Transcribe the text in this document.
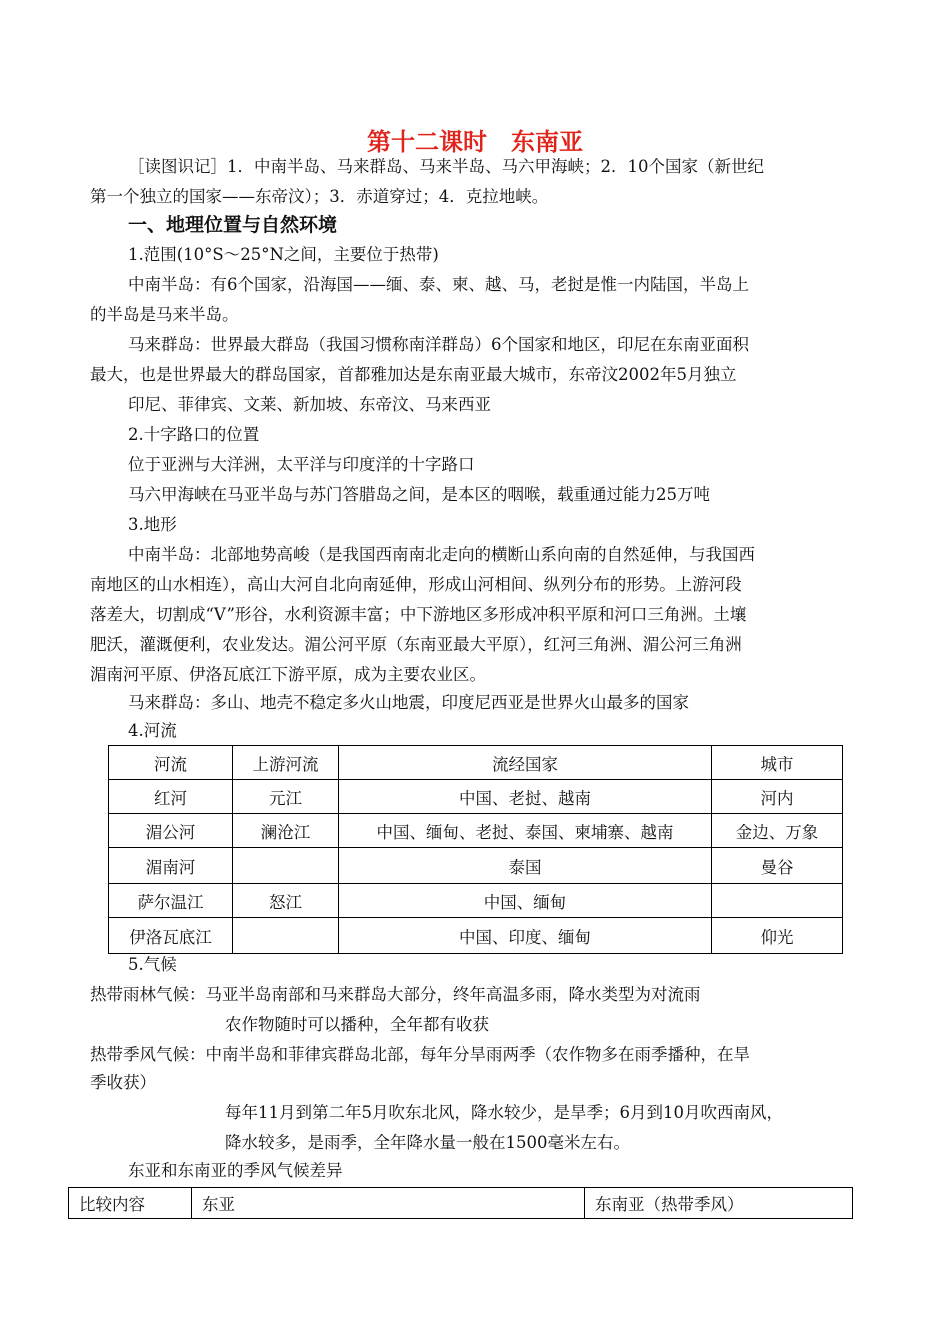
第十二课时　东南亚
［读图识记］1．中南半岛、马来群岛、马来半岛、马六甲海峡；2．10个国家（新世纪
第一个独立的国家——东帝汶）；3．赤道穿过；4．克拉地峡。
一、地理位置与自然环境
1.范围(10°S～25°N之间，主要位于热带)
中南半岛：有6个国家，沿海国——缅、泰、柬、越、马，老挝是惟一内陆国，半岛上
的半岛是马来半岛。
马来群岛：世界最大群岛（我国习惯称南洋群岛）6个国家和地区，印尼在东南亚面积
最大，也是世界最大的群岛国家，首都雅加达是东南亚最大城市，东帝汶2002年5月独立
印尼、菲律宾、文莱、新加坡、东帝汶、马来西亚
2.十字路口的位置
位于亚洲与大洋洲，太平洋与印度洋的十字路口
马六甲海峡在马亚半岛与苏门答腊岛之间，是本区的咽喉，载重通过能力25万吨
3.地形
中南半岛：北部地势高峻（是我国西南南北走向的横断山系向南的自然延伸，与我国西
南地区的山水相连），高山大河自北向南延伸，形成山河相间、纵列分布的形势。上游河段
落差大，切割成“V”形谷，水利资源丰富；中下游地区多形成冲积平原和河口三角洲。土壤
肥沃，灌溉便利，农业发达。湄公河平原（东南亚最大平原），红河三角洲、湄公河三角洲
湄南河平原、伊洛瓦底江下游平原，成为主要农业区。
马来群岛：多山、地壳不稳定多火山地震，印度尼西亚是世界火山最多的国家
4.河流
河流	上游河流	流经国家	城市
红河	元江	中国、老挝、越南	河内
湄公河	澜沧江	中国、缅甸、老挝、泰国、柬埔寨、越南	金边、万象
湄南河		泰国	曼谷
萨尔温江	怒江	中国、缅甸	
伊洛瓦底江		中国、印度、缅甸	仰光
5.气候
热带雨林气候：马亚半岛南部和马来群岛大部分，终年高温多雨，降水类型为对流雨
农作物随时可以播种，全年都有收获
热带季风气候：中南半岛和菲律宾群岛北部，每年分旱雨两季（农作物多在雨季播种，在旱
季收获）
每年11月到第二年5月吹东北风，降水较少，是旱季；6月到10月吹西南风，
降水较多，是雨季，全年降水量一般在1500毫米左右。
东亚和东南亚的季风气候差异
比较内容	东亚	东南亚（热带季风）
